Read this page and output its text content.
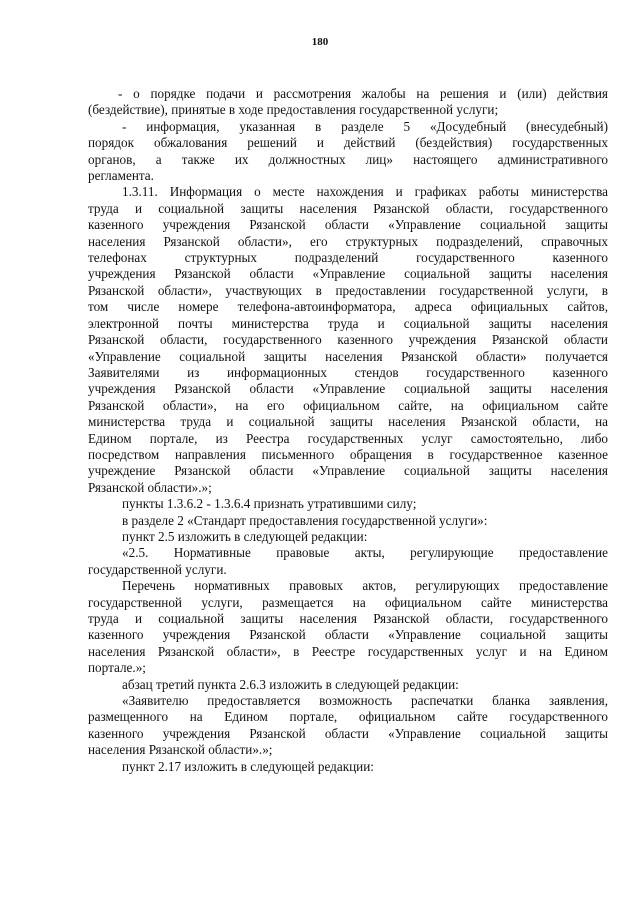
180
- о порядке подачи и рассмотрения жалобы на решения и (или) действия
(бездействие), принятые в ходе предоставления государственной услуги;
- информация, указанная в разделе 5 «Досудебный (внесудебный)
порядок обжалования решений и действий (бездействия) государственных
органов, а также их должностных лиц» настоящего административного
регламента.
1.3.11. Информация о месте нахождения и графиках работы министерства
труда и социальной защиты населения Рязанской области, государственного
казенного учреждения Рязанской области «Управление социальной защиты
населения Рязанской области», его структурных подразделений, справочных
телефонах структурных подразделений государственного казенного
учреждения Рязанской области «Управление социальной защиты населения
Рязанской области», участвующих в предоставлении государственной услуги, в
том числе номере телефона-автоинформатора, адреса официальных сайтов,
электронной почты министерства труда и социальной защиты населения
Рязанской области, государственного казенного учреждения Рязанской области
«Управление социальной защиты населения Рязанской области» получается
Заявителями из информационных стендов государственного казенного
учреждения Рязанской области «Управление социальной защиты населения
Рязанской области», на его официальном сайте, на официальном сайте
министерства труда и социальной защиты населения Рязанской области, на
Едином портале, из Реестра государственных услуг самостоятельно, либо
посредством направления письменного обращения в государственное казенное
учреждение Рязанской области «Управление социальной защиты населения
Рязанской области».»;
пункты 1.3.6.2 - 1.3.6.4 признать утратившими силу;
в разделе 2 «Стандарт предоставления государственной услуги»:
пункт 2.5 изложить в следующей редакции:
«2.5. Нормативные правовые акты, регулирующие предоставление
государственной услуги.
Перечень нормативных правовых актов, регулирующих предоставление
государственной услуги, размещается на официальном сайте министерства
труда и социальной защиты населения Рязанской области, государственного
казенного учреждения Рязанской области «Управление социальной защиты
населения Рязанской области», в Реестре государственных услуг и на Едином
портале.»;
абзац третий пункта 2.6.3 изложить в следующей редакции:
«Заявителю предоставляется возможность распечатки бланка заявления,
размещенного на Едином портале, официальном сайте государственного
казенного учреждения Рязанской области «Управление социальной защиты
населения Рязанской области».»;
пункт 2.17 изложить в следующей редакции:
